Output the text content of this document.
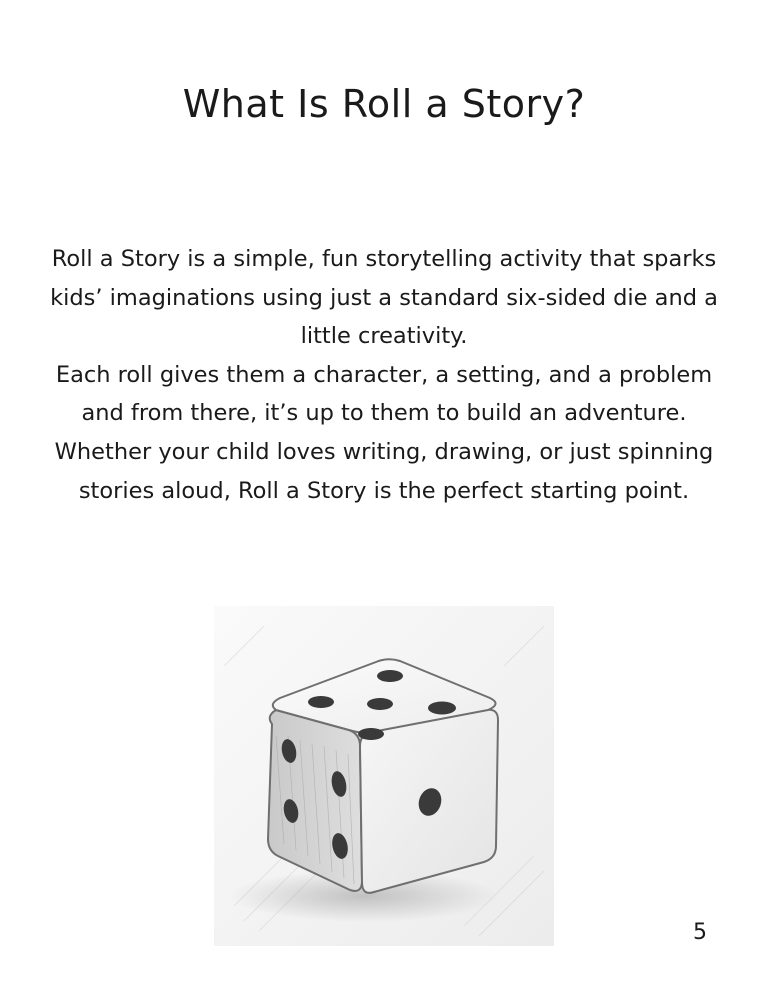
What Is Roll a Story?

Roll a Story is a simple, fun storytelling activity that sparks kids’ imaginations using just a standard six-sided die and a little creativity.

Each roll gives them a character, a setting, and a problem and from there, it’s up to them to build an adventure.

Whether your child loves writing, drawing, or just spinning stories aloud, Roll a Story is the perfect starting point.

5
